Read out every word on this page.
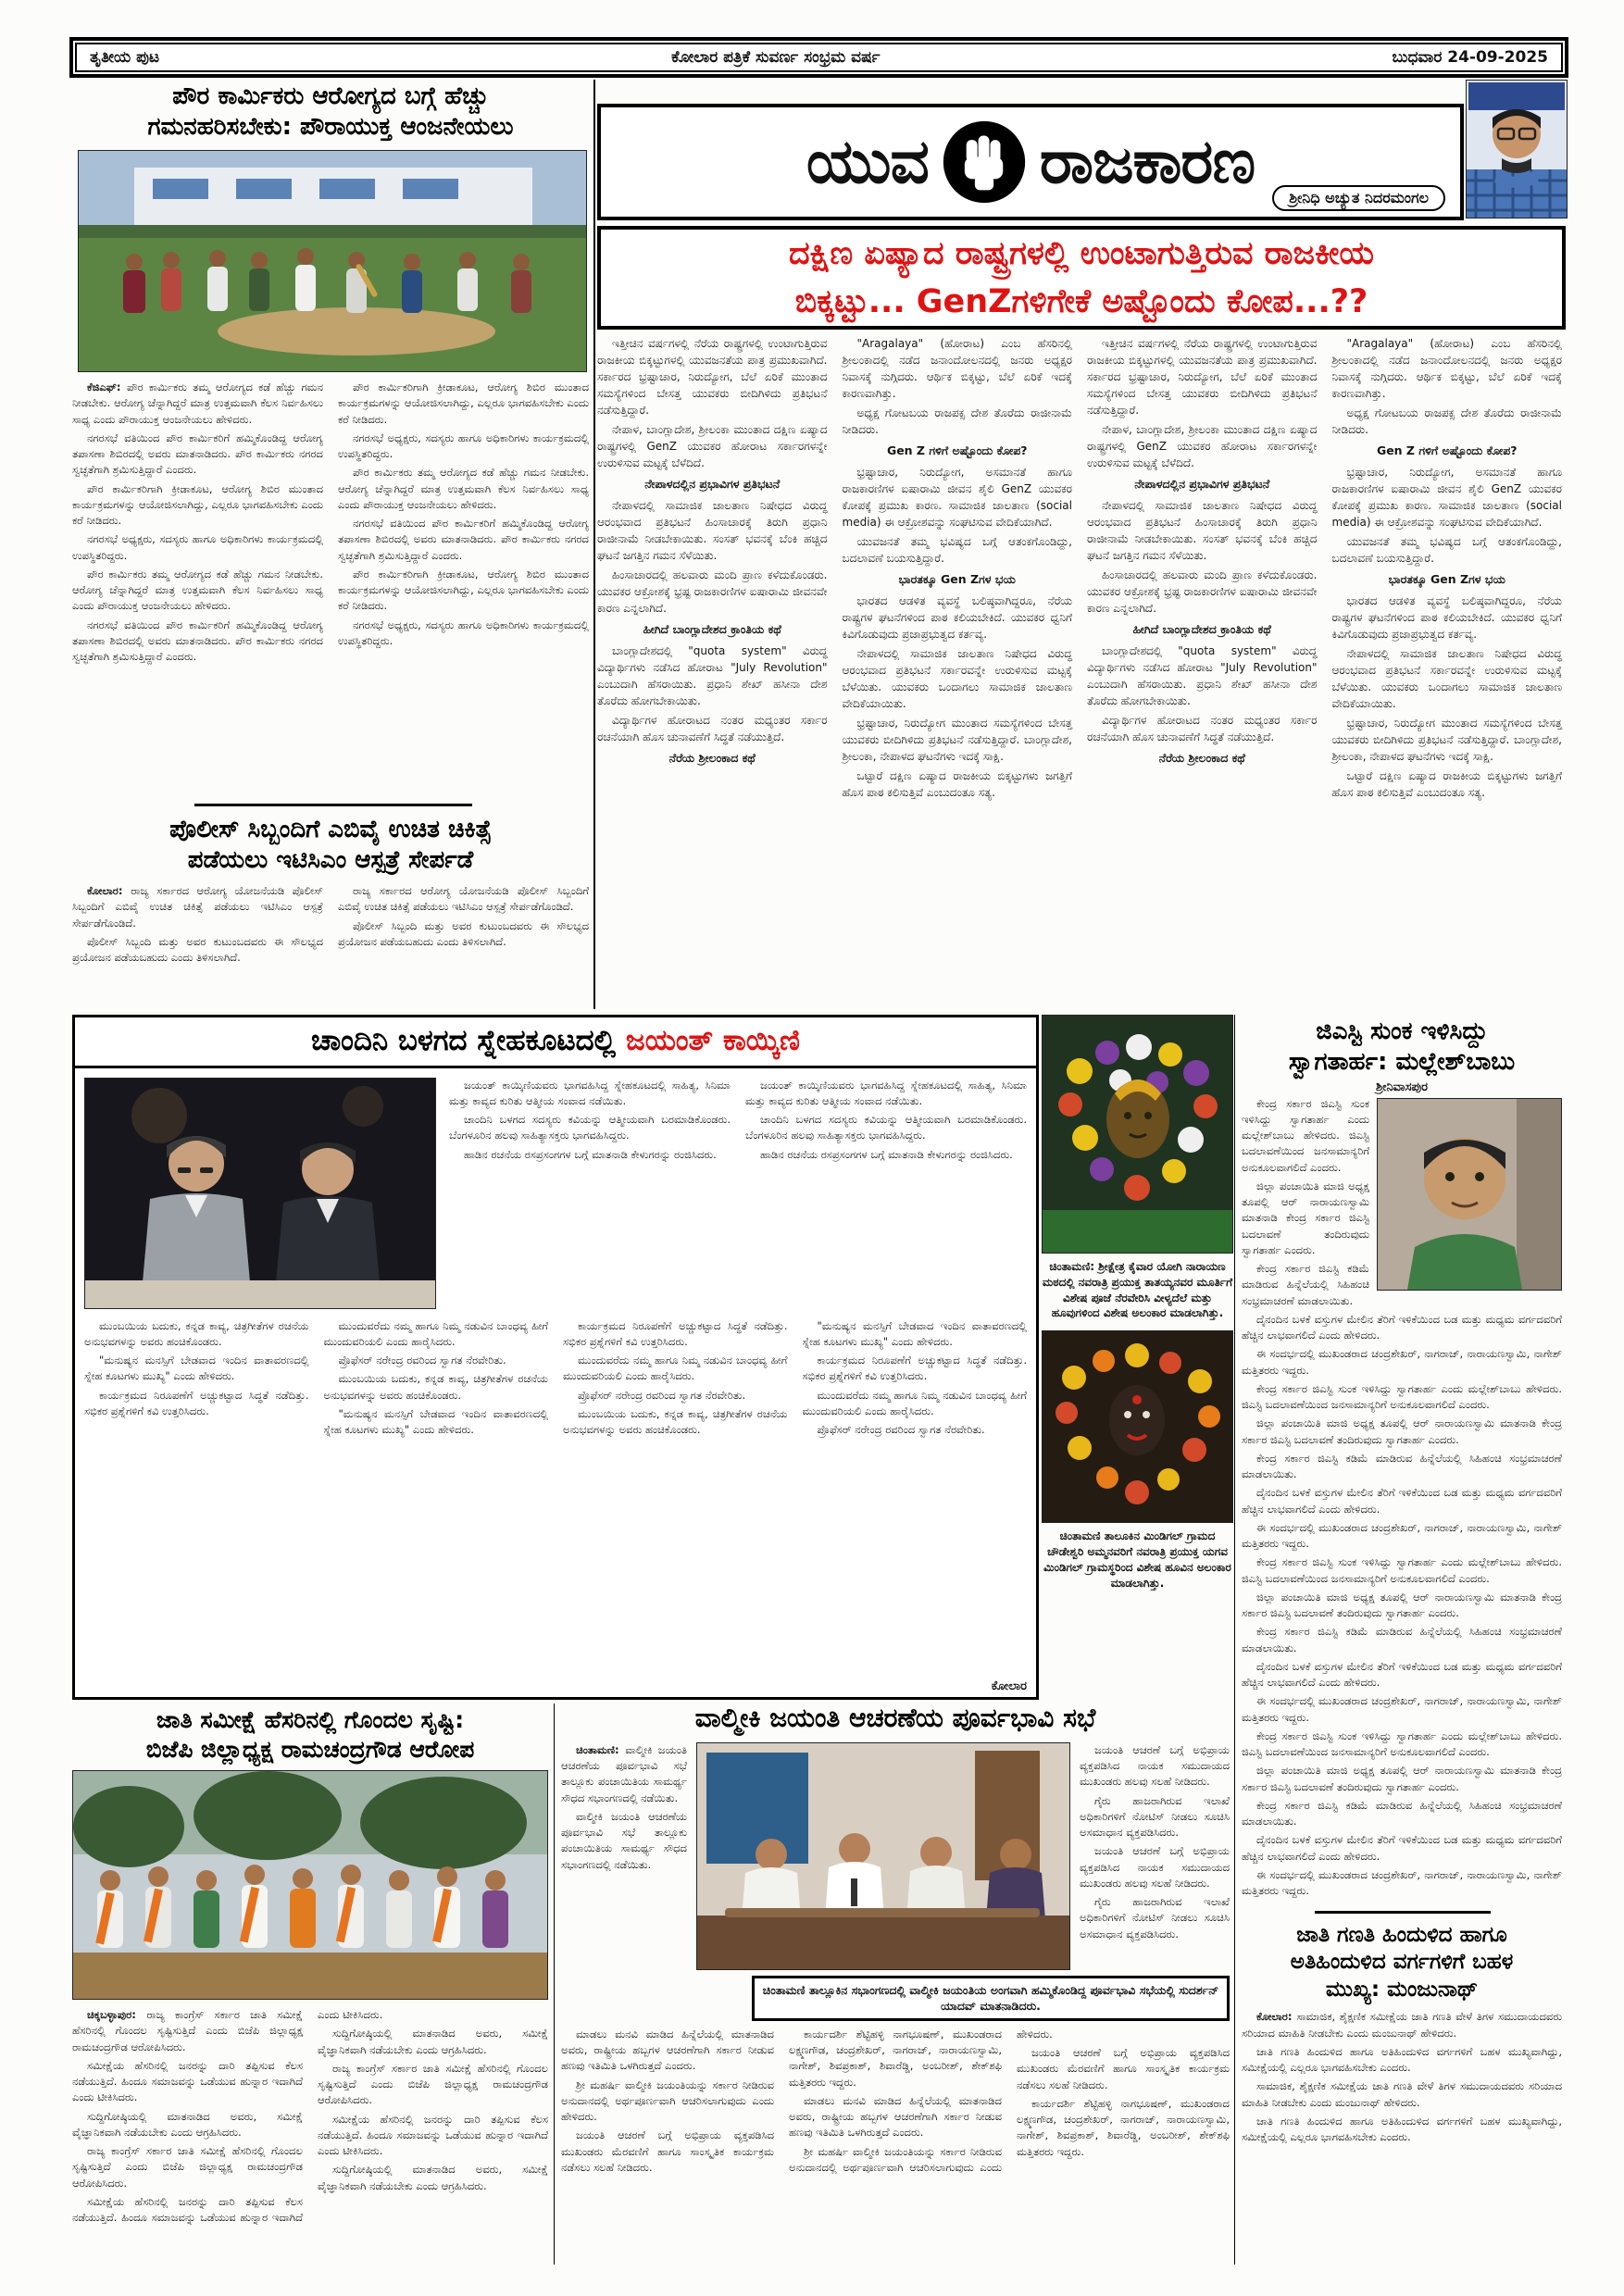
ತೃತೀಯ ಪುಟ	ಕೋಲಾರ ಪತ್ರಿಕೆ ಸುವರ್ಣ ಸಂಭ್ರಮ ವರ್ಷ	ಬುಧವಾರ 24-09-2025
ಪೌರ ಕಾರ್ಮಿಕರು ಆರೋಗ್ಯದ ಬಗ್ಗೆ ಹೆಚ್ಚು
ಗಮನಹರಿಸಬೇಕು: ಪೌರಾಯುಕ್ತ ಆಂಜನೇಯಲು

ಕೆಜಿಎಫ್: ಪೌರ ಕಾರ್ಮಿಕರು ತಮ್ಮ ಆರೋಗ್ಯದ ಕಡೆ ಹೆಚ್ಚು ಗಮನ ನೀಡಬೇಕು. ಆರೋಗ್ಯ ಚೆನ್ನಾಗಿದ್ದರೆ ಮಾತ್ರ ಉತ್ತಮವಾಗಿ ಕೆಲಸ ನಿರ್ವಹಿಸಲು ಸಾಧ್ಯ ಎಂದು ಪೌರಾಯುಕ್ತ ಆಂಜನೇಯಲು ಹೇಳಿದರು.

ನಗರಸಭೆ ವತಿಯಿಂದ ಪೌರ ಕಾರ್ಮಿಕರಿಗೆ ಹಮ್ಮಿಕೊಂಡಿದ್ದ ಆರೋಗ್ಯ ತಪಾಸಣಾ ಶಿಬಿರದಲ್ಲಿ ಅವರು ಮಾತನಾಡಿದರು. ಪೌರ ಕಾರ್ಮಿಕರು ನಗರದ ಸ್ವಚ್ಛತೆಗಾಗಿ ಶ್ರಮಿಸುತ್ತಿದ್ದಾರೆ ಎಂದರು.

ಪೌರ ಕಾರ್ಮಿಕರಿಗಾಗಿ ಕ್ರೀಡಾಕೂಟ, ಆರೋಗ್ಯ ಶಿಬಿರ ಮುಂತಾದ ಕಾರ್ಯಕ್ರಮಗಳನ್ನು ಆಯೋಜಿಸಲಾಗಿದ್ದು, ಎಲ್ಲರೂ ಭಾಗವಹಿಸಬೇಕು ಎಂದು ಕರೆ ನೀಡಿದರು.

ನಗರಸಭೆ ಅಧ್ಯಕ್ಷರು, ಸದಸ್ಯರು ಹಾಗೂ ಅಧಿಕಾರಿಗಳು ಕಾರ್ಯಕ್ರಮದಲ್ಲಿ ಉಪಸ್ಥಿತರಿದ್ದರು.

ಪೌರ ಕಾರ್ಮಿಕರು ತಮ್ಮ ಆರೋಗ್ಯದ ಕಡೆ ಹೆಚ್ಚು ಗಮನ ನೀಡಬೇಕು. ಆರೋಗ್ಯ ಚೆನ್ನಾಗಿದ್ದರೆ ಮಾತ್ರ ಉತ್ತಮವಾಗಿ ಕೆಲಸ ನಿರ್ವಹಿಸಲು ಸಾಧ್ಯ ಎಂದು ಪೌರಾಯುಕ್ತ ಆಂಜನೇಯಲು ಹೇಳಿದರು.

ನಗರಸಭೆ ವತಿಯಿಂದ ಪೌರ ಕಾರ್ಮಿಕರಿಗೆ ಹಮ್ಮಿಕೊಂಡಿದ್ದ ಆರೋಗ್ಯ ತಪಾಸಣಾ ಶಿಬಿರದಲ್ಲಿ ಅವರು ಮಾತನಾಡಿದರು. ಪೌರ ಕಾರ್ಮಿಕರು ನಗರದ ಸ್ವಚ್ಛತೆಗಾಗಿ ಶ್ರಮಿಸುತ್ತಿದ್ದಾರೆ ಎಂದರು.

ಪೌರ ಕಾರ್ಮಿಕರಿಗಾಗಿ ಕ್ರೀಡಾಕೂಟ, ಆರೋಗ್ಯ ಶಿಬಿರ ಮುಂತಾದ ಕಾರ್ಯಕ್ರಮಗಳನ್ನು ಆಯೋಜಿಸಲಾಗಿದ್ದು, ಎಲ್ಲರೂ ಭಾಗವಹಿಸಬೇಕು ಎಂದು ಕರೆ ನೀಡಿದರು.

ನಗರಸಭೆ ಅಧ್ಯಕ್ಷರು, ಸದಸ್ಯರು ಹಾಗೂ ಅಧಿಕಾರಿಗಳು ಕಾರ್ಯಕ್ರಮದಲ್ಲಿ ಉಪಸ್ಥಿತರಿದ್ದರು.

ಪೌರ ಕಾರ್ಮಿಕರು ತಮ್ಮ ಆರೋಗ್ಯದ ಕಡೆ ಹೆಚ್ಚು ಗಮನ ನೀಡಬೇಕು. ಆರೋಗ್ಯ ಚೆನ್ನಾಗಿದ್ದರೆ ಮಾತ್ರ ಉತ್ತಮವಾಗಿ ಕೆಲಸ ನಿರ್ವಹಿಸಲು ಸಾಧ್ಯ ಎಂದು ಪೌರಾಯುಕ್ತ ಆಂಜನೇಯಲು ಹೇಳಿದರು.

ನಗರಸಭೆ ವತಿಯಿಂದ ಪೌರ ಕಾರ್ಮಿಕರಿಗೆ ಹಮ್ಮಿಕೊಂಡಿದ್ದ ಆರೋಗ್ಯ ತಪಾಸಣಾ ಶಿಬಿರದಲ್ಲಿ ಅವರು ಮಾತನಾಡಿದರು. ಪೌರ ಕಾರ್ಮಿಕರು ನಗರದ ಸ್ವಚ್ಛತೆಗಾಗಿ ಶ್ರಮಿಸುತ್ತಿದ್ದಾರೆ ಎಂದರು.

ಪೌರ ಕಾರ್ಮಿಕರಿಗಾಗಿ ಕ್ರೀಡಾಕೂಟ, ಆರೋಗ್ಯ ಶಿಬಿರ ಮುಂತಾದ ಕಾರ್ಯಕ್ರಮಗಳನ್ನು ಆಯೋಜಿಸಲಾಗಿದ್ದು, ಎಲ್ಲರೂ ಭಾಗವಹಿಸಬೇಕು ಎಂದು ಕರೆ ನೀಡಿದರು.

ನಗರಸಭೆ ಅಧ್ಯಕ್ಷರು, ಸದಸ್ಯರು ಹಾಗೂ ಅಧಿಕಾರಿಗಳು ಕಾರ್ಯಕ್ರಮದಲ್ಲಿ ಉಪಸ್ಥಿತರಿದ್ದರು.

ಪೊಲೀಸ್ ಸಿಬ್ಬಂದಿಗೆ ಎಬಿವೈ ಉಚಿತ ಚಿಕಿತ್ಸೆ
ಪಡೆಯಲು ಇಟಿಸಿಎಂ ಆಸ್ಪತ್ರೆ ಸೇರ್ಪಡೆ

ಕೋಲಾರ: ರಾಜ್ಯ ಸರ್ಕಾರದ ಆರೋಗ್ಯ ಯೋಜನೆಯಡಿ ಪೊಲೀಸ್ ಸಿಬ್ಬಂದಿಗೆ ಎಬಿವೈ ಉಚಿತ ಚಿಕಿತ್ಸೆ ಪಡೆಯಲು ಇಟಿಸಿಎಂ ಆಸ್ಪತ್ರೆ ಸೇರ್ಪಡೆಗೊಂಡಿದೆ.

ಪೊಲೀಸ್ ಸಿಬ್ಬಂದಿ ಮತ್ತು ಅವರ ಕುಟುಂಬದವರು ಈ ಸೌಲಭ್ಯದ ಪ್ರಯೋಜನ ಪಡೆಯಬಹುದು ಎಂದು ತಿಳಿಸಲಾಗಿದೆ.

ರಾಜ್ಯ ಸರ್ಕಾರದ ಆರೋಗ್ಯ ಯೋಜನೆಯಡಿ ಪೊಲೀಸ್ ಸಿಬ್ಬಂದಿಗೆ ಎಬಿವೈ ಉಚಿತ ಚಿಕಿತ್ಸೆ ಪಡೆಯಲು ಇಟಿಸಿಎಂ ಆಸ್ಪತ್ರೆ ಸೇರ್ಪಡೆಗೊಂಡಿದೆ.

ಪೊಲೀಸ್ ಸಿಬ್ಬಂದಿ ಮತ್ತು ಅವರ ಕುಟುಂಬದವರು ಈ ಸೌಲಭ್ಯದ ಪ್ರಯೋಜನ ಪಡೆಯಬಹುದು ಎಂದು ತಿಳಿಸಲಾಗಿದೆ.

ಯುವ ರಾಜಕಾರಣ
ಶ್ರೀನಿಧಿ ಅಚ್ಯುತ ನಿದರಮಂಗಲ
ದಕ್ಷಿಣ ಏಷ್ಯಾದ ರಾಷ್ಟ್ರಗಳಲ್ಲಿ ಉಂಟಾಗುತ್ತಿರುವ ರಾಜಕೀಯ
ಬಿಕ್ಕಟ್ಟು... GenZಗಳಿಗೇಕೆ ಅಷ್ಟೊಂದು ಕೋಪ...??

ಇತ್ತೀಚಿನ ವರ್ಷಗಳಲ್ಲಿ ನೆರೆಯ ರಾಷ್ಟ್ರಗಳಲ್ಲಿ ಉಂಟಾಗುತ್ತಿರುವ ರಾಜಕೀಯ ಬಿಕ್ಕಟ್ಟುಗಳಲ್ಲಿ ಯುವಜನತೆಯ ಪಾತ್ರ ಪ್ರಮುಖವಾಗಿದೆ. ಸರ್ಕಾರದ ಭ್ರಷ್ಟಾಚಾರ, ನಿರುದ್ಯೋಗ, ಬೆಲೆ ಏರಿಕೆ ಮುಂತಾದ ಸಮಸ್ಯೆಗಳಿಂದ ಬೇಸತ್ತ ಯುವಕರು ಬೀದಿಗಿಳಿದು ಪ್ರತಿಭಟನೆ ನಡೆಸುತ್ತಿದ್ದಾರೆ.

ನೇಪಾಳ, ಬಾಂಗ್ಲಾದೇಶ, ಶ್ರೀಲಂಕಾ ಮುಂತಾದ ದಕ್ಷಿಣ ಏಷ್ಯಾದ ರಾಷ್ಟ್ರಗಳಲ್ಲಿ GenZ ಯುವಕರ ಹೋರಾಟ ಸರ್ಕಾರಗಳನ್ನೇ ಉರುಳಿಸುವ ಮಟ್ಟಕ್ಕೆ ಬೆಳೆದಿದೆ.

ನೇಪಾಳದಲ್ಲಿನ ಪ್ರಭಾವಿಗಳ ಪ್ರತಿಭಟನೆ

ನೇಪಾಳದಲ್ಲಿ ಸಾಮಾಜಿಕ ಜಾಲತಾಣ ನಿಷೇಧದ ವಿರುದ್ಧ ಆರಂಭವಾದ ಪ್ರತಿಭಟನೆ ಹಿಂಸಾಚಾರಕ್ಕೆ ತಿರುಗಿ ಪ್ರಧಾನಿ ರಾಜೀನಾಮೆ ನೀಡಬೇಕಾಯಿತು. ಸಂಸತ್ ಭವನಕ್ಕೆ ಬೆಂಕಿ ಹಚ್ಚಿದ ಘಟನೆ ಜಗತ್ತಿನ ಗಮನ ಸೆಳೆಯಿತು.

ಹಿಂಸಾಚಾರದಲ್ಲಿ ಹಲವಾರು ಮಂದಿ ಪ್ರಾಣ ಕಳೆದುಕೊಂಡರು. ಯುವಕರ ಆಕ್ರೋಶಕ್ಕೆ ಭ್ರಷ್ಟ ರಾಜಕಾರಣಿಗಳ ಐಷಾರಾಮಿ ಜೀವನವೇ ಕಾರಣ ಎನ್ನಲಾಗಿದೆ.

ಹೀಗಿದೆ ಬಾಂಗ್ಲಾದೇಶದ ಕ್ರಾಂತಿಯ ಕಥೆ

ಬಾಂಗ್ಲಾದೇಶದಲ್ಲಿ "quota system" ವಿರುದ್ಧ ವಿದ್ಯಾರ್ಥಿಗಳು ನಡೆಸಿದ ಹೋರಾಟ "July Revolution" ಎಂಬುದಾಗಿ ಹೆಸರಾಯಿತು. ಪ್ರಧಾನಿ ಶೇಖ್ ಹಸೀನಾ ದೇಶ ತೊರೆದು ಹೋಗಬೇಕಾಯಿತು.

ವಿದ್ಯಾರ್ಥಿಗಳ ಹೋರಾಟದ ನಂತರ ಮಧ್ಯಂತರ ಸರ್ಕಾರ ರಚನೆಯಾಗಿ ಹೊಸ ಚುನಾವಣೆಗೆ ಸಿದ್ಧತೆ ನಡೆಯುತ್ತಿದೆ.

ನೆರೆಯ ಶ್ರೀಲಂಕಾದ ಕಥೆ

"Aragalaya" (ಹೋರಾಟ) ಎಂಬ ಹೆಸರಿನಲ್ಲಿ ಶ್ರೀಲಂಕಾದಲ್ಲಿ ನಡೆದ ಜನಾಂದೋಲನದಲ್ಲಿ ಜನರು ಅಧ್ಯಕ್ಷರ ನಿವಾಸಕ್ಕೆ ನುಗ್ಗಿದರು. ಆರ್ಥಿಕ ಬಿಕ್ಕಟ್ಟು, ಬೆಲೆ ಏರಿಕೆ ಇದಕ್ಕೆ ಕಾರಣವಾಗಿತ್ತು.

ಅಧ್ಯಕ್ಷ ಗೋಟಬಯ ರಾಜಪಕ್ಸ ದೇಶ ತೊರೆದು ರಾಜೀನಾಮೆ ನೀಡಿದರು.

Gen Z ಗಳಿಗೆ ಅಷ್ಟೊಂದು ಕೋಪ?

ಭ್ರಷ್ಟಾಚಾರ, ನಿರುದ್ಯೋಗ, ಅಸಮಾನತೆ ಹಾಗೂ ರಾಜಕಾರಣಿಗಳ ಐಷಾರಾಮಿ ಜೀವನ ಶೈಲಿ GenZ ಯುವಕರ ಕೋಪಕ್ಕೆ ಪ್ರಮುಖ ಕಾರಣ. ಸಾಮಾಜಿಕ ಜಾಲತಾಣ (social media) ಈ ಆಕ್ರೋಶವನ್ನು ಸಂಘಟಿಸುವ ವೇದಿಕೆಯಾಗಿದೆ.

ಯುವಜನತೆ ತಮ್ಮ ಭವಿಷ್ಯದ ಬಗ್ಗೆ ಆತಂಕಗೊಂಡಿದ್ದು, ಬದಲಾವಣೆ ಬಯಸುತ್ತಿದ್ದಾರೆ.

ಭಾರತಕ್ಕೂ Gen Zಗಳ ಭಯ

ಭಾರತದ ಆಡಳಿತ ವ್ಯವಸ್ಥೆ ಬಲಿಷ್ಠವಾಗಿದ್ದರೂ, ನೆರೆಯ ರಾಷ್ಟ್ರಗಳ ಘಟನೆಗಳಿಂದ ಪಾಠ ಕಲಿಯಬೇಕಿದೆ. ಯುವಕರ ಧ್ವನಿಗೆ ಕಿವಿಗೊಡುವುದು ಪ್ರಜಾಪ್ರಭುತ್ವದ ಕರ್ತವ್ಯ.

ನೇಪಾಳದಲ್ಲಿ ಸಾಮಾಜಿಕ ಜಾಲತಾಣ ನಿಷೇಧದ ವಿರುದ್ಧ ಆರಂಭವಾದ ಪ್ರತಿಭಟನೆ ಸರ್ಕಾರವನ್ನೇ ಉರುಳಿಸುವ ಮಟ್ಟಕ್ಕೆ ಬೆಳೆಯಿತು. ಯುವಕರು ಒಂದಾಗಲು ಸಾಮಾಜಿಕ ಜಾಲತಾಣ ವೇದಿಕೆಯಾಯಿತು.

ಭ್ರಷ್ಟಾಚಾರ, ನಿರುದ್ಯೋಗ ಮುಂತಾದ ಸಮಸ್ಯೆಗಳಿಂದ ಬೇಸತ್ತ ಯುವಕರು ಬೀದಿಗಿಳಿದು ಪ್ರತಿಭಟನೆ ನಡೆಸುತ್ತಿದ್ದಾರೆ. ಬಾಂಗ್ಲಾದೇಶ, ಶ್ರೀಲಂಕಾ, ನೇಪಾಳದ ಘಟನೆಗಳು ಇದಕ್ಕೆ ಸಾಕ್ಷಿ.

ಒಟ್ಟಾರೆ ದಕ್ಷಿಣ ಏಷ್ಯಾದ ರಾಜಕೀಯ ಬಿಕ್ಕಟ್ಟುಗಳು ಜಗತ್ತಿಗೆ ಹೊಸ ಪಾಠ ಕಲಿಸುತ್ತಿವೆ ಎಂಬುದಂತೂ ಸತ್ಯ.

ಇತ್ತೀಚಿನ ವರ್ಷಗಳಲ್ಲಿ ನೆರೆಯ ರಾಷ್ಟ್ರಗಳಲ್ಲಿ ಉಂಟಾಗುತ್ತಿರುವ ರಾಜಕೀಯ ಬಿಕ್ಕಟ್ಟುಗಳಲ್ಲಿ ಯುವಜನತೆಯ ಪಾತ್ರ ಪ್ರಮುಖವಾಗಿದೆ. ಸರ್ಕಾರದ ಭ್ರಷ್ಟಾಚಾರ, ನಿರುದ್ಯೋಗ, ಬೆಲೆ ಏರಿಕೆ ಮುಂತಾದ ಸಮಸ್ಯೆಗಳಿಂದ ಬೇಸತ್ತ ಯುವಕರು ಬೀದಿಗಿಳಿದು ಪ್ರತಿಭಟನೆ ನಡೆಸುತ್ತಿದ್ದಾರೆ.

ನೇಪಾಳ, ಬಾಂಗ್ಲಾದೇಶ, ಶ್ರೀಲಂಕಾ ಮುಂತಾದ ದಕ್ಷಿಣ ಏಷ್ಯಾದ ರಾಷ್ಟ್ರಗಳಲ್ಲಿ GenZ ಯುವಕರ ಹೋರಾಟ ಸರ್ಕಾರಗಳನ್ನೇ ಉರುಳಿಸುವ ಮಟ್ಟಕ್ಕೆ ಬೆಳೆದಿದೆ.

ನೇಪಾಳದಲ್ಲಿನ ಪ್ರಭಾವಿಗಳ ಪ್ರತಿಭಟನೆ

ನೇಪಾಳದಲ್ಲಿ ಸಾಮಾಜಿಕ ಜಾಲತಾಣ ನಿಷೇಧದ ವಿರುದ್ಧ ಆರಂಭವಾದ ಪ್ರತಿಭಟನೆ ಹಿಂಸಾಚಾರಕ್ಕೆ ತಿರುಗಿ ಪ್ರಧಾನಿ ರಾಜೀನಾಮೆ ನೀಡಬೇಕಾಯಿತು. ಸಂಸತ್ ಭವನಕ್ಕೆ ಬೆಂಕಿ ಹಚ್ಚಿದ ಘಟನೆ ಜಗತ್ತಿನ ಗಮನ ಸೆಳೆಯಿತು.

ಹಿಂಸಾಚಾರದಲ್ಲಿ ಹಲವಾರು ಮಂದಿ ಪ್ರಾಣ ಕಳೆದುಕೊಂಡರು. ಯುವಕರ ಆಕ್ರೋಶಕ್ಕೆ ಭ್ರಷ್ಟ ರಾಜಕಾರಣಿಗಳ ಐಷಾರಾಮಿ ಜೀವನವೇ ಕಾರಣ ಎನ್ನಲಾಗಿದೆ.

ಹೀಗಿದೆ ಬಾಂಗ್ಲಾದೇಶದ ಕ್ರಾಂತಿಯ ಕಥೆ

ಬಾಂಗ್ಲಾದೇಶದಲ್ಲಿ "quota system" ವಿರುದ್ಧ ವಿದ್ಯಾರ್ಥಿಗಳು ನಡೆಸಿದ ಹೋರಾಟ "July Revolution" ಎಂಬುದಾಗಿ ಹೆಸರಾಯಿತು. ಪ್ರಧಾನಿ ಶೇಖ್ ಹಸೀನಾ ದೇಶ ತೊರೆದು ಹೋಗಬೇಕಾಯಿತು.

ವಿದ್ಯಾರ್ಥಿಗಳ ಹೋರಾಟದ ನಂತರ ಮಧ್ಯಂತರ ಸರ್ಕಾರ ರಚನೆಯಾಗಿ ಹೊಸ ಚುನಾವಣೆಗೆ ಸಿದ್ಧತೆ ನಡೆಯುತ್ತಿದೆ.

ನೆರೆಯ ಶ್ರೀಲಂಕಾದ ಕಥೆ

"Aragalaya" (ಹೋರಾಟ) ಎಂಬ ಹೆಸರಿನಲ್ಲಿ ಶ್ರೀಲಂಕಾದಲ್ಲಿ ನಡೆದ ಜನಾಂದೋಲನದಲ್ಲಿ ಜನರು ಅಧ್ಯಕ್ಷರ ನಿವಾಸಕ್ಕೆ ನುಗ್ಗಿದರು. ಆರ್ಥಿಕ ಬಿಕ್ಕಟ್ಟು, ಬೆಲೆ ಏರಿಕೆ ಇದಕ್ಕೆ ಕಾರಣವಾಗಿತ್ತು.

ಅಧ್ಯಕ್ಷ ಗೋಟಬಯ ರಾಜಪಕ್ಸ ದೇಶ ತೊರೆದು ರಾಜೀನಾಮೆ ನೀಡಿದರು.

Gen Z ಗಳಿಗೆ ಅಷ್ಟೊಂದು ಕೋಪ?

ಭ್ರಷ್ಟಾಚಾರ, ನಿರುದ್ಯೋಗ, ಅಸಮಾನತೆ ಹಾಗೂ ರಾಜಕಾರಣಿಗಳ ಐಷಾರಾಮಿ ಜೀವನ ಶೈಲಿ GenZ ಯುವಕರ ಕೋಪಕ್ಕೆ ಪ್ರಮುಖ ಕಾರಣ. ಸಾಮಾಜಿಕ ಜಾಲತಾಣ (social media) ಈ ಆಕ್ರೋಶವನ್ನು ಸಂಘಟಿಸುವ ವೇದಿಕೆಯಾಗಿದೆ.

ಯುವಜನತೆ ತಮ್ಮ ಭವಿಷ್ಯದ ಬಗ್ಗೆ ಆತಂಕಗೊಂಡಿದ್ದು, ಬದಲಾವಣೆ ಬಯಸುತ್ತಿದ್ದಾರೆ.

ಭಾರತಕ್ಕೂ Gen Zಗಳ ಭಯ

ಭಾರತದ ಆಡಳಿತ ವ್ಯವಸ್ಥೆ ಬಲಿಷ್ಠವಾಗಿದ್ದರೂ, ನೆರೆಯ ರಾಷ್ಟ್ರಗಳ ಘಟನೆಗಳಿಂದ ಪಾಠ ಕಲಿಯಬೇಕಿದೆ. ಯುವಕರ ಧ್ವನಿಗೆ ಕಿವಿಗೊಡುವುದು ಪ್ರಜಾಪ್ರಭುತ್ವದ ಕರ್ತವ್ಯ.

ನೇಪಾಳದಲ್ಲಿ ಸಾಮಾಜಿಕ ಜಾಲತಾಣ ನಿಷೇಧದ ವಿರುದ್ಧ ಆರಂಭವಾದ ಪ್ರತಿಭಟನೆ ಸರ್ಕಾರವನ್ನೇ ಉರುಳಿಸುವ ಮಟ್ಟಕ್ಕೆ ಬೆಳೆಯಿತು. ಯುವಕರು ಒಂದಾಗಲು ಸಾಮಾಜಿಕ ಜಾಲತಾಣ ವೇದಿಕೆಯಾಯಿತು.

ಭ್ರಷ್ಟಾಚಾರ, ನಿರುದ್ಯೋಗ ಮುಂತಾದ ಸಮಸ್ಯೆಗಳಿಂದ ಬೇಸತ್ತ ಯುವಕರು ಬೀದಿಗಿಳಿದು ಪ್ರತಿಭಟನೆ ನಡೆಸುತ್ತಿದ್ದಾರೆ. ಬಾಂಗ್ಲಾದೇಶ, ಶ್ರೀಲಂಕಾ, ನೇಪಾಳದ ಘಟನೆಗಳು ಇದಕ್ಕೆ ಸಾಕ್ಷಿ.

ಒಟ್ಟಾರೆ ದಕ್ಷಿಣ ಏಷ್ಯಾದ ರಾಜಕೀಯ ಬಿಕ್ಕಟ್ಟುಗಳು ಜಗತ್ತಿಗೆ ಹೊಸ ಪಾಠ ಕಲಿಸುತ್ತಿವೆ ಎಂಬುದಂತೂ ಸತ್ಯ.

ಚಾಂದಿನಿ ಬಳಗದ ಸ್ನೇಹಕೂಟದಲ್ಲಿ ಜಯಂತ್ ಕಾಯ್ಕಿಣಿ

ಜಯಂತ್ ಕಾಯ್ಕಿಣಿಯವರು ಭಾಗವಹಿಸಿದ್ದ ಸ್ನೇಹಕೂಟದಲ್ಲಿ ಸಾಹಿತ್ಯ, ಸಿನಿಮಾ ಮತ್ತು ಕಾವ್ಯದ ಕುರಿತು ಆತ್ಮೀಯ ಸಂವಾದ ನಡೆಯಿತು.

ಚಾಂದಿನಿ ಬಳಗದ ಸದಸ್ಯರು ಕವಿಯನ್ನು ಆತ್ಮೀಯವಾಗಿ ಬರಮಾಡಿಕೊಂಡರು. ಬೆಂಗಳೂರಿನ ಹಲವು ಸಾಹಿತ್ಯಾಸಕ್ತರು ಭಾಗವಹಿಸಿದ್ದರು.

ಹಾಡಿನ ರಚನೆಯ ರಸಪ್ರಸಂಗಗಳ ಬಗ್ಗೆ ಮಾತನಾಡಿ ಕೇಳುಗರನ್ನು ರಂಜಿಸಿದರು.

ಜಯಂತ್ ಕಾಯ್ಕಿಣಿಯವರು ಭಾಗವಹಿಸಿದ್ದ ಸ್ನೇಹಕೂಟದಲ್ಲಿ ಸಾಹಿತ್ಯ, ಸಿನಿಮಾ ಮತ್ತು ಕಾವ್ಯದ ಕುರಿತು ಆತ್ಮೀಯ ಸಂವಾದ ನಡೆಯಿತು.

ಚಾಂದಿನಿ ಬಳಗದ ಸದಸ್ಯರು ಕವಿಯನ್ನು ಆತ್ಮೀಯವಾಗಿ ಬರಮಾಡಿಕೊಂಡರು. ಬೆಂಗಳೂರಿನ ಹಲವು ಸಾಹಿತ್ಯಾಸಕ್ತರು ಭಾಗವಹಿಸಿದ್ದರು.

ಹಾಡಿನ ರಚನೆಯ ರಸಪ್ರಸಂಗಗಳ ಬಗ್ಗೆ ಮಾತನಾಡಿ ಕೇಳುಗರನ್ನು ರಂಜಿಸಿದರು.

ಮುಂಬಯಿಯ ಬದುಕು, ಕನ್ನಡ ಕಾವ್ಯ, ಚಿತ್ರಗೀತೆಗಳ ರಚನೆಯ ಅನುಭವಗಳನ್ನು ಅವರು ಹಂಚಿಕೊಂಡರು.

"ಮನುಷ್ಯನ ಮನಸ್ಸಿಗೆ ಬೇಡವಾದ ಇಂದಿನ ವಾತಾವರಣದಲ್ಲಿ ಸ್ನೇಹ ಕೂಟಗಳು ಮುಖ್ಯ" ಎಂದು ಹೇಳಿದರು.

ಕಾರ್ಯಕ್ರಮದ ನಿರೂಪಣೆಗೆ ಅಚ್ಚುಕಟ್ಟಾದ ಸಿದ್ಧತೆ ನಡೆದಿತ್ತು. ಸಭಿಕರ ಪ್ರಶ್ನೆಗಳಿಗೆ ಕವಿ ಉತ್ತರಿಸಿದರು.

ಮುಂದುವರೆದು ನಮ್ಮ ಹಾಗೂ ನಿಮ್ಮ ನಡುವಿನ ಬಾಂಧವ್ಯ ಹೀಗೆ ಮುಂದುವರಿಯಲಿ ಎಂದು ಹಾರೈಸಿದರು.

ಪ್ರೊಫೆಸರ್ ನರೇಂದ್ರ ರವರಿಂದ ಸ್ವಾಗತ ನೆರವೇರಿತು.

ಮುಂಬಯಿಯ ಬದುಕು, ಕನ್ನಡ ಕಾವ್ಯ, ಚಿತ್ರಗೀತೆಗಳ ರಚನೆಯ ಅನುಭವಗಳನ್ನು ಅವರು ಹಂಚಿಕೊಂಡರು.

"ಮನುಷ್ಯನ ಮನಸ್ಸಿಗೆ ಬೇಡವಾದ ಇಂದಿನ ವಾತಾವರಣದಲ್ಲಿ ಸ್ನೇಹ ಕೂಟಗಳು ಮುಖ್ಯ" ಎಂದು ಹೇಳಿದರು.

ಕಾರ್ಯಕ್ರಮದ ನಿರೂಪಣೆಗೆ ಅಚ್ಚುಕಟ್ಟಾದ ಸಿದ್ಧತೆ ನಡೆದಿತ್ತು. ಸಭಿಕರ ಪ್ರಶ್ನೆಗಳಿಗೆ ಕವಿ ಉತ್ತರಿಸಿದರು.

ಮುಂದುವರೆದು ನಮ್ಮ ಹಾಗೂ ನಿಮ್ಮ ನಡುವಿನ ಬಾಂಧವ್ಯ ಹೀಗೆ ಮುಂದುವರಿಯಲಿ ಎಂದು ಹಾರೈಸಿದರು.

ಪ್ರೊಫೆಸರ್ ನರೇಂದ್ರ ರವರಿಂದ ಸ್ವಾಗತ ನೆರವೇರಿತು.

ಮುಂಬಯಿಯ ಬದುಕು, ಕನ್ನಡ ಕಾವ್ಯ, ಚಿತ್ರಗೀತೆಗಳ ರಚನೆಯ ಅನುಭವಗಳನ್ನು ಅವರು ಹಂಚಿಕೊಂಡರು.

"ಮನುಷ್ಯನ ಮನಸ್ಸಿಗೆ ಬೇಡವಾದ ಇಂದಿನ ವಾತಾವರಣದಲ್ಲಿ ಸ್ನೇಹ ಕೂಟಗಳು ಮುಖ್ಯ" ಎಂದು ಹೇಳಿದರು.

ಕಾರ್ಯಕ್ರಮದ ನಿರೂಪಣೆಗೆ ಅಚ್ಚುಕಟ್ಟಾದ ಸಿದ್ಧತೆ ನಡೆದಿತ್ತು. ಸಭಿಕರ ಪ್ರಶ್ನೆಗಳಿಗೆ ಕವಿ ಉತ್ತರಿಸಿದರು.

ಮುಂದುವರೆದು ನಮ್ಮ ಹಾಗೂ ನಿಮ್ಮ ನಡುವಿನ ಬಾಂಧವ್ಯ ಹೀಗೆ ಮುಂದುವರಿಯಲಿ ಎಂದು ಹಾರೈಸಿದರು.

ಪ್ರೊಫೆಸರ್ ನರೇಂದ್ರ ರವರಿಂದ ಸ್ವಾಗತ ನೆರವೇರಿತು.

ಕೋಲಾರ
ಚಿಂತಾಮಣಿ: ಶ್ರೀಕ್ಷೇತ್ರ ಕೈವಾರ ಯೋಗಿ ನಾರಾಯಣ ಮಠದಲ್ಲಿ ನವರಾತ್ರಿ ಪ್ರಯುಕ್ತ ತಾತಯ್ಯನವರ ಮೂರ್ತಿಗೆ ವಿಶೇಷ ಪೂಜೆ ನೆರವೇರಿಸಿ ವೀಳ್ಯದೆಲೆ ಮತ್ತು ಹೂವುಗಳಿಂದ ವಿಶೇಷ ಅಲಂಕಾರ ಮಾಡಲಾಗಿತ್ತು.
ಚಿಂತಾಮಣಿ ತಾಲೂಕಿನ ಮಿಂಡಿಗಲ್ ಗ್ರಾಮದ ಚೌಡೇಶ್ವರಿ ಅಮ್ಮನವರಿಗೆ ನವರಾತ್ರಿ ಪ್ರಯುಕ್ತ ಯಗವ ಮಿಂಡಿಗಲ್ ಗ್ರಾಮಸ್ಥರಿಂದ ವಿಶೇಷ ಹೂವಿನ ಅಲಂಕಾರ ಮಾಡಲಾಗಿತ್ತು.
ಜಿಎಸ್ಟಿ ಸುಂಕ ಇಳಿಸಿದ್ದು
ಸ್ವಾಗತಾರ್ಹ: ಮಲ್ಲೇಶ್‌ಬಾಬು
ಶ್ರೀನಿವಾಸಪುರ

ಕೇಂದ್ರ ಸರ್ಕಾರ ಜಿಎಸ್ಟಿ ಸುಂಕ ಇಳಿಸಿದ್ದು ಸ್ವಾಗತಾರ್ಹ ಎಂದು ಮಲ್ಲೇಶ್‌ಬಾಬು ಹೇಳಿದರು. ಜಿಎಸ್ಟಿ ಬದಲಾವಣೆಯಿಂದ ಜನಸಾಮಾನ್ಯರಿಗೆ ಅನುಕೂಲವಾಗಲಿದೆ ಎಂದರು.

ಜಿಲ್ಲಾ ಪಂಚಾಯಿತಿ ಮಾಜಿ ಅಧ್ಯಕ್ಷ ತೂಪಲ್ಲಿ ಆರ್ ನಾರಾಯಣಸ್ವಾಮಿ ಮಾತನಾಡಿ ಕೇಂದ್ರ ಸರ್ಕಾರ ಜಿಎಸ್ಟಿ ಬದಲಾವಣೆ ತಂದಿರುವುದು ಸ್ವಾಗತಾರ್ಹ ಎಂದರು.

ಕೇಂದ್ರ ಸರ್ಕಾರ ಜಿಎಸ್ಟಿ ಕಡಿಮೆ ಮಾಡಿರುವ ಹಿನ್ನೆಲೆಯಲ್ಲಿ ಸಿಹಿಹಂಚಿ ಸಂಭ್ರಮಾಚರಣೆ ಮಾಡಲಾಯಿತು.

ದೈನಂದಿನ ಬಳಕೆ ವಸ್ತುಗಳ ಮೇಲಿನ ತೆರಿಗೆ ಇಳಿಕೆಯಿಂದ ಬಡ ಮತ್ತು ಮಧ್ಯಮ ವರ್ಗದವರಿಗೆ ಹೆಚ್ಚಿನ ಲಾಭವಾಗಲಿದೆ ಎಂದು ಹೇಳಿದರು.

ಈ ಸಂದರ್ಭದಲ್ಲಿ ಮುಖಂಡರಾದ ಚಂದ್ರಶೇಖರ್, ನಾಗರಾಜ್, ನಾರಾಯಣಸ್ವಾಮಿ, ನಾಗೇಶ್ ಮತ್ತಿತರರು ಇದ್ದರು.

ಕೇಂದ್ರ ಸರ್ಕಾರ ಜಿಎಸ್ಟಿ ಸುಂಕ ಇಳಿಸಿದ್ದು ಸ್ವಾಗತಾರ್ಹ ಎಂದು ಮಲ್ಲೇಶ್‌ಬಾಬು ಹೇಳಿದರು. ಜಿಎಸ್ಟಿ ಬದಲಾವಣೆಯಿಂದ ಜನಸಾಮಾನ್ಯರಿಗೆ ಅನುಕೂಲವಾಗಲಿದೆ ಎಂದರು.

ಜಿಲ್ಲಾ ಪಂಚಾಯಿತಿ ಮಾಜಿ ಅಧ್ಯಕ್ಷ ತೂಪಲ್ಲಿ ಆರ್ ನಾರಾಯಣಸ್ವಾಮಿ ಮಾತನಾಡಿ ಕೇಂದ್ರ ಸರ್ಕಾರ ಜಿಎಸ್ಟಿ ಬದಲಾವಣೆ ತಂದಿರುವುದು ಸ್ವಾಗತಾರ್ಹ ಎಂದರು.

ಕೇಂದ್ರ ಸರ್ಕಾರ ಜಿಎಸ್ಟಿ ಕಡಿಮೆ ಮಾಡಿರುವ ಹಿನ್ನೆಲೆಯಲ್ಲಿ ಸಿಹಿಹಂಚಿ ಸಂಭ್ರಮಾಚರಣೆ ಮಾಡಲಾಯಿತು.

ದೈನಂದಿನ ಬಳಕೆ ವಸ್ತುಗಳ ಮೇಲಿನ ತೆರಿಗೆ ಇಳಿಕೆಯಿಂದ ಬಡ ಮತ್ತು ಮಧ್ಯಮ ವರ್ಗದವರಿಗೆ ಹೆಚ್ಚಿನ ಲಾಭವಾಗಲಿದೆ ಎಂದು ಹೇಳಿದರು.

ಈ ಸಂದರ್ಭದಲ್ಲಿ ಮುಖಂಡರಾದ ಚಂದ್ರಶೇಖರ್, ನಾಗರಾಜ್, ನಾರಾಯಣಸ್ವಾಮಿ, ನಾಗೇಶ್ ಮತ್ತಿತರರು ಇದ್ದರು.

ಕೇಂದ್ರ ಸರ್ಕಾರ ಜಿಎಸ್ಟಿ ಸುಂಕ ಇಳಿಸಿದ್ದು ಸ್ವಾಗತಾರ್ಹ ಎಂದು ಮಲ್ಲೇಶ್‌ಬಾಬು ಹೇಳಿದರು. ಜಿಎಸ್ಟಿ ಬದಲಾವಣೆಯಿಂದ ಜನಸಾಮಾನ್ಯರಿಗೆ ಅನುಕೂಲವಾಗಲಿದೆ ಎಂದರು.

ಜಿಲ್ಲಾ ಪಂಚಾಯಿತಿ ಮಾಜಿ ಅಧ್ಯಕ್ಷ ತೂಪಲ್ಲಿ ಆರ್ ನಾರಾಯಣಸ್ವಾಮಿ ಮಾತನಾಡಿ ಕೇಂದ್ರ ಸರ್ಕಾರ ಜಿಎಸ್ಟಿ ಬದಲಾವಣೆ ತಂದಿರುವುದು ಸ್ವಾಗತಾರ್ಹ ಎಂದರು.

ಕೇಂದ್ರ ಸರ್ಕಾರ ಜಿಎಸ್ಟಿ ಕಡಿಮೆ ಮಾಡಿರುವ ಹಿನ್ನೆಲೆಯಲ್ಲಿ ಸಿಹಿಹಂಚಿ ಸಂಭ್ರಮಾಚರಣೆ ಮಾಡಲಾಯಿತು.

ದೈನಂದಿನ ಬಳಕೆ ವಸ್ತುಗಳ ಮೇಲಿನ ತೆರಿಗೆ ಇಳಿಕೆಯಿಂದ ಬಡ ಮತ್ತು ಮಧ್ಯಮ ವರ್ಗದವರಿಗೆ ಹೆಚ್ಚಿನ ಲಾಭವಾಗಲಿದೆ ಎಂದು ಹೇಳಿದರು.

ಈ ಸಂದರ್ಭದಲ್ಲಿ ಮುಖಂಡರಾದ ಚಂದ್ರಶೇಖರ್, ನಾಗರಾಜ್, ನಾರಾಯಣಸ್ವಾಮಿ, ನಾಗೇಶ್ ಮತ್ತಿತರರು ಇದ್ದರು.

ಕೇಂದ್ರ ಸರ್ಕಾರ ಜಿಎಸ್ಟಿ ಸುಂಕ ಇಳಿಸಿದ್ದು ಸ್ವಾಗತಾರ್ಹ ಎಂದು ಮಲ್ಲೇಶ್‌ಬಾಬು ಹೇಳಿದರು. ಜಿಎಸ್ಟಿ ಬದಲಾವಣೆಯಿಂದ ಜನಸಾಮಾನ್ಯರಿಗೆ ಅನುಕೂಲವಾಗಲಿದೆ ಎಂದರು.

ಜಿಲ್ಲಾ ಪಂಚಾಯಿತಿ ಮಾಜಿ ಅಧ್ಯಕ್ಷ ತೂಪಲ್ಲಿ ಆರ್ ನಾರಾಯಣಸ್ವಾಮಿ ಮಾತನಾಡಿ ಕೇಂದ್ರ ಸರ್ಕಾರ ಜಿಎಸ್ಟಿ ಬದಲಾವಣೆ ತಂದಿರುವುದು ಸ್ವಾಗತಾರ್ಹ ಎಂದರು.

ಕೇಂದ್ರ ಸರ್ಕಾರ ಜಿಎಸ್ಟಿ ಕಡಿಮೆ ಮಾಡಿರುವ ಹಿನ್ನೆಲೆಯಲ್ಲಿ ಸಿಹಿಹಂಚಿ ಸಂಭ್ರಮಾಚರಣೆ ಮಾಡಲಾಯಿತು.

ದೈನಂದಿನ ಬಳಕೆ ವಸ್ತುಗಳ ಮೇಲಿನ ತೆರಿಗೆ ಇಳಿಕೆಯಿಂದ ಬಡ ಮತ್ತು ಮಧ್ಯಮ ವರ್ಗದವರಿಗೆ ಹೆಚ್ಚಿನ ಲಾಭವಾಗಲಿದೆ ಎಂದು ಹೇಳಿದರು.

ಈ ಸಂದರ್ಭದಲ್ಲಿ ಮುಖಂಡರಾದ ಚಂದ್ರಶೇಖರ್, ನಾಗರಾಜ್, ನಾರಾಯಣಸ್ವಾಮಿ, ನಾಗೇಶ್ ಮತ್ತಿತರರು ಇದ್ದರು.

ಜಾತಿ ಗಣತಿ ಹಿಂದುಳಿದ ಹಾಗೂ
ಅತಿಹಿಂದುಳಿದ ವರ್ಗಗಳಿಗೆ ಬಹಳ
ಮುಖ್ಯ: ಮಂಜುನಾಥ್

ಕೋಲಾರ: ಸಾಮಾಜಿಕ, ಶೈಕ್ಷಣಿಕ ಸಮೀಕ್ಷೆಯ ಜಾತಿ ಗಣತಿ ವೇಳೆ ತಿಗಳ ಸಮುದಾಯದವರು ಸರಿಯಾದ ಮಾಹಿತಿ ನೀಡಬೇಕು ಎಂದು ಮಂಜುನಾಥ್ ಹೇಳಿದರು.

ಜಾತಿ ಗಣತಿ ಹಿಂದುಳಿದ ಹಾಗೂ ಅತಿಹಿಂದುಳಿದ ವರ್ಗಗಳಿಗೆ ಬಹಳ ಮುಖ್ಯವಾಗಿದ್ದು, ಸಮೀಕ್ಷೆಯಲ್ಲಿ ಎಲ್ಲರೂ ಭಾಗವಹಿಸಬೇಕು ಎಂದರು.

ಸಾಮಾಜಿಕ, ಶೈಕ್ಷಣಿಕ ಸಮೀಕ್ಷೆಯ ಜಾತಿ ಗಣತಿ ವೇಳೆ ತಿಗಳ ಸಮುದಾಯದವರು ಸರಿಯಾದ ಮಾಹಿತಿ ನೀಡಬೇಕು ಎಂದು ಮಂಜುನಾಥ್ ಹೇಳಿದರು.

ಜಾತಿ ಗಣತಿ ಹಿಂದುಳಿದ ಹಾಗೂ ಅತಿಹಿಂದುಳಿದ ವರ್ಗಗಳಿಗೆ ಬಹಳ ಮುಖ್ಯವಾಗಿದ್ದು, ಸಮೀಕ್ಷೆಯಲ್ಲಿ ಎಲ್ಲರೂ ಭಾಗವಹಿಸಬೇಕು ಎಂದರು.

ಜಾತಿ ಸಮೀಕ್ಷೆ ಹೆಸರಿನಲ್ಲಿ ಗೊಂದಲ ಸೃಷ್ಟಿ:
ಬಿಜೆಪಿ ಜಿಲ್ಲಾಧ್ಯಕ್ಷ ರಾಮಚಂದ್ರಗೌಡ ಆರೋಪ

ಚಿಕ್ಕಬಳ್ಳಾಪುರ: ರಾಜ್ಯ ಕಾಂಗ್ರೆಸ್ ಸರ್ಕಾರ ಜಾತಿ ಸಮೀಕ್ಷೆ ಹೆಸರಿನಲ್ಲಿ ಗೊಂದಲ ಸೃಷ್ಟಿಸುತ್ತಿದೆ ಎಂದು ಬಿಜೆಪಿ ಜಿಲ್ಲಾಧ್ಯಕ್ಷ ರಾಮಚಂದ್ರಗೌಡ ಆರೋಪಿಸಿದರು.

ಸಮೀಕ್ಷೆಯ ಹೆಸರಿನಲ್ಲಿ ಜನರನ್ನು ದಾರಿ ತಪ್ಪಿಸುವ ಕೆಲಸ ನಡೆಯುತ್ತಿದೆ. ಹಿಂದೂ ಸಮಾಜವನ್ನು ಒಡೆಯುವ ಹುನ್ನಾರ ಇದಾಗಿದೆ ಎಂದು ಟೀಕಿಸಿದರು.

ಸುದ್ದಿಗೋಷ್ಠಿಯಲ್ಲಿ ಮಾತನಾಡಿದ ಅವರು, ಸಮೀಕ್ಷೆ ವೈಜ್ಞಾನಿಕವಾಗಿ ನಡೆಯಬೇಕು ಎಂದು ಆಗ್ರಹಿಸಿದರು.

ರಾಜ್ಯ ಕಾಂಗ್ರೆಸ್ ಸರ್ಕಾರ ಜಾತಿ ಸಮೀಕ್ಷೆ ಹೆಸರಿನಲ್ಲಿ ಗೊಂದಲ ಸೃಷ್ಟಿಸುತ್ತಿದೆ ಎಂದು ಬಿಜೆಪಿ ಜಿಲ್ಲಾಧ್ಯಕ್ಷ ರಾಮಚಂದ್ರಗೌಡ ಆರೋಪಿಸಿದರು.

ಸಮೀಕ್ಷೆಯ ಹೆಸರಿನಲ್ಲಿ ಜನರನ್ನು ದಾರಿ ತಪ್ಪಿಸುವ ಕೆಲಸ ನಡೆಯುತ್ತಿದೆ. ಹಿಂದೂ ಸಮಾಜವನ್ನು ಒಡೆಯುವ ಹುನ್ನಾರ ಇದಾಗಿದೆ ಎಂದು ಟೀಕಿಸಿದರು.

ಸುದ್ದಿಗೋಷ್ಠಿಯಲ್ಲಿ ಮಾತನಾಡಿದ ಅವರು, ಸಮೀಕ್ಷೆ ವೈಜ್ಞಾನಿಕವಾಗಿ ನಡೆಯಬೇಕು ಎಂದು ಆಗ್ರಹಿಸಿದರು.

ರಾಜ್ಯ ಕಾಂಗ್ರೆಸ್ ಸರ್ಕಾರ ಜಾತಿ ಸಮೀಕ್ಷೆ ಹೆಸರಿನಲ್ಲಿ ಗೊಂದಲ ಸೃಷ್ಟಿಸುತ್ತಿದೆ ಎಂದು ಬಿಜೆಪಿ ಜಿಲ್ಲಾಧ್ಯಕ್ಷ ರಾಮಚಂದ್ರಗೌಡ ಆರೋಪಿಸಿದರು.

ಸಮೀಕ್ಷೆಯ ಹೆಸರಿನಲ್ಲಿ ಜನರನ್ನು ದಾರಿ ತಪ್ಪಿಸುವ ಕೆಲಸ ನಡೆಯುತ್ತಿದೆ. ಹಿಂದೂ ಸಮಾಜವನ್ನು ಒಡೆಯುವ ಹುನ್ನಾರ ಇದಾಗಿದೆ ಎಂದು ಟೀಕಿಸಿದರು.

ಸುದ್ದಿಗೋಷ್ಠಿಯಲ್ಲಿ ಮಾತನಾಡಿದ ಅವರು, ಸಮೀಕ್ಷೆ ವೈಜ್ಞಾನಿಕವಾಗಿ ನಡೆಯಬೇಕು ಎಂದು ಆಗ್ರಹಿಸಿದರು.

ವಾಲ್ಮೀಕಿ ಜಯಂತಿ ಆಚರಣೆಯ ಪೂರ್ವಭಾವಿ ಸಭೆ

ಚಿಂತಾಮಣಿ: ವಾಲ್ಮೀಕಿ ಜಯಂತಿ ಆಚರಣೆಯ ಪೂರ್ವಭಾವಿ ಸಭೆ ತಾಲ್ಲೂಕು ಪಂಚಾಯಿತಿಯ ಸಾಮರ್ಥ್ಯ ಸೌಧದ ಸಭಾಂಗಣದಲ್ಲಿ ನಡೆಯಿತು.

ವಾಲ್ಮೀಕಿ ಜಯಂತಿ ಆಚರಣೆಯ ಪೂರ್ವಭಾವಿ ಸಭೆ ತಾಲ್ಲೂಕು ಪಂಚಾಯಿತಿಯ ಸಾಮರ್ಥ್ಯ ಸೌಧದ ಸಭಾಂಗಣದಲ್ಲಿ ನಡೆಯಿತು.

ಜಯಂತಿ ಆಚರಣೆ ಬಗ್ಗೆ ಅಭಿಪ್ರಾಯ ವ್ಯಕ್ತಪಡಿಸಿದ ನಾಯಕ ಸಮುದಾಯದ ಮುಖಂಡರು ಹಲವು ಸಲಹೆ ನೀಡಿದರು.

ಗೈರು ಹಾಜರಾಗಿರುವ ಇಲಾಖೆ ಅಧಿಕಾರಿಗಳಿಗೆ ನೋಟಿಸ್ ನೀಡಲು ಸೂಚಿಸಿ ಅಸಮಾಧಾನ ವ್ಯಕ್ತಪಡಿಸಿದರು.

ಜಯಂತಿ ಆಚರಣೆ ಬಗ್ಗೆ ಅಭಿಪ್ರಾಯ ವ್ಯಕ್ತಪಡಿಸಿದ ನಾಯಕ ಸಮುದಾಯದ ಮುಖಂಡರು ಹಲವು ಸಲಹೆ ನೀಡಿದರು.

ಗೈರು ಹಾಜರಾಗಿರುವ ಇಲಾಖೆ ಅಧಿಕಾರಿಗಳಿಗೆ ನೋಟಿಸ್ ನೀಡಲು ಸೂಚಿಸಿ ಅಸಮಾಧಾನ ವ್ಯಕ್ತಪಡಿಸಿದರು.

ಚಿಂತಾಮಣಿ ತಾಲ್ಲೂಕಿನ ಸಭಾಂಗಣದಲ್ಲಿ ವಾಲ್ಮೀಕಿ ಜಯಂತಿಯ ಅಂಗವಾಗಿ ಹಮ್ಮಿಕೊಂಡಿದ್ದ ಪೂರ್ವಭಾವಿ ಸಭೆಯಲ್ಲಿ ಸುದರ್ಶನ್ ಯಾದವ್ ಮಾತನಾಡಿದರು.

ಮಾಡಲು ಮನವಿ ಮಾಡಿದ ಹಿನ್ನೆಲೆಯಲ್ಲಿ ಮಾತನಾಡಿದ ಅವರು, ರಾಷ್ಟ್ರೀಯ ಹಬ್ಬಗಳ ಆಚರಣೆಗಾಗಿ ಸರ್ಕಾರ ನೀಡುವ ಹಣವು ಇತಿಮಿತಿ ಒಳಗಿರುತ್ತದೆ ಎಂದರು.

ಶ್ರೀ ಮಹರ್ಷಿ ವಾಲ್ಮೀಕಿ ಜಯಂತಿಯನ್ನು ಸರ್ಕಾರ ನೀಡಿರುವ ಅನುದಾನದಲ್ಲಿ ಅರ್ಥಪೂರ್ಣವಾಗಿ ಆಚರಿಸಲಾಗುವುದು ಎಂದು ಹೇಳಿದರು.

ಜಯಂತಿ ಆಚರಣೆ ಬಗ್ಗೆ ಅಭಿಪ್ರಾಯ ವ್ಯಕ್ತಪಡಿಸಿದ ಮುಖಂಡರು ಮೆರವಣಿಗೆ ಹಾಗೂ ಸಾಂಸ್ಕೃತಿಕ ಕಾರ್ಯಕ್ರಮ ನಡೆಸಲು ಸಲಹೆ ನೀಡಿದರು.

ಕಾರ್ಯದರ್ಶಿ ಶೆಟ್ಟಿಹಳ್ಳಿ ನಾಗಭೂಷಣ್, ಮುಖಂಡರಾದ ಲಕ್ಷ್ಮಣಗೌಡ, ಚಂದ್ರಶೇಖರ್, ನಾಗರಾಜ್, ನಾರಾಯಣಸ್ವಾಮಿ, ನಾಗೇಶ್, ಶಿವಪ್ರಕಾಶ್, ಶಿವಾರೆಡ್ಡಿ, ಅಂಬರೀಶ್, ಶೇಕ್‌ಶಫಿ ಮತ್ತಿತರರು ಇದ್ದರು.

ಮಾಡಲು ಮನವಿ ಮಾಡಿದ ಹಿನ್ನೆಲೆಯಲ್ಲಿ ಮಾತನಾಡಿದ ಅವರು, ರಾಷ್ಟ್ರೀಯ ಹಬ್ಬಗಳ ಆಚರಣೆಗಾಗಿ ಸರ್ಕಾರ ನೀಡುವ ಹಣವು ಇತಿಮಿತಿ ಒಳಗಿರುತ್ತದೆ ಎಂದರು.

ಶ್ರೀ ಮಹರ್ಷಿ ವಾಲ್ಮೀಕಿ ಜಯಂತಿಯನ್ನು ಸರ್ಕಾರ ನೀಡಿರುವ ಅನುದಾನದಲ್ಲಿ ಅರ್ಥಪೂರ್ಣವಾಗಿ ಆಚರಿಸಲಾಗುವುದು ಎಂದು ಹೇಳಿದರು.

ಜಯಂತಿ ಆಚರಣೆ ಬಗ್ಗೆ ಅಭಿಪ್ರಾಯ ವ್ಯಕ್ತಪಡಿಸಿದ ಮುಖಂಡರು ಮೆರವಣಿಗೆ ಹಾಗೂ ಸಾಂಸ್ಕೃತಿಕ ಕಾರ್ಯಕ್ರಮ ನಡೆಸಲು ಸಲಹೆ ನೀಡಿದರು.

ಕಾರ್ಯದರ್ಶಿ ಶೆಟ್ಟಿಹಳ್ಳಿ ನಾಗಭೂಷಣ್, ಮುಖಂಡರಾದ ಲಕ್ಷ್ಮಣಗೌಡ, ಚಂದ್ರಶೇಖರ್, ನಾಗರಾಜ್, ನಾರಾಯಣಸ್ವಾಮಿ, ನಾಗೇಶ್, ಶಿವಪ್ರಕಾಶ್, ಶಿವಾರೆಡ್ಡಿ, ಅಂಬರೀಶ್, ಶೇಕ್‌ಶಫಿ ಮತ್ತಿತರರು ಇದ್ದರು.
